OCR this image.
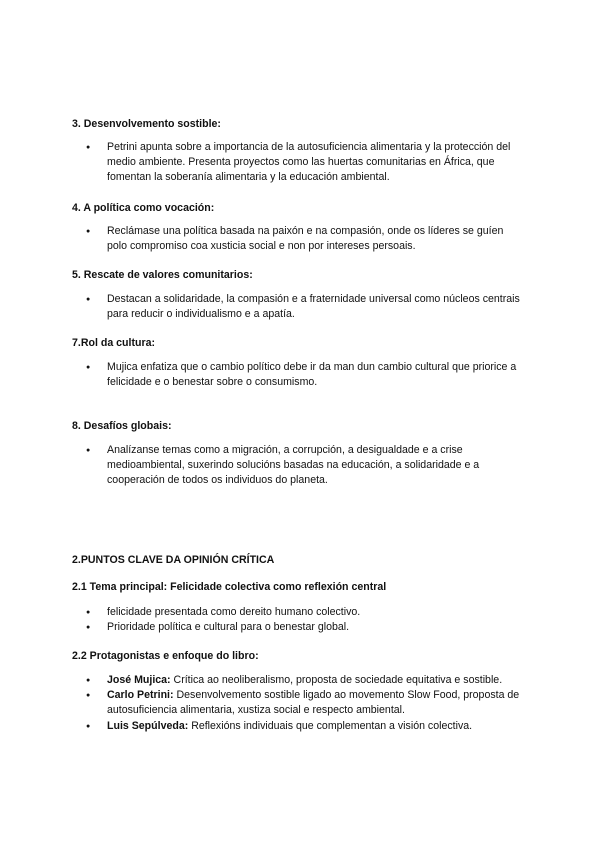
3. Desenvolvemento sostible:
● Petrini apunta sobre a importancia de la autosuficiencia alimentaria y la protección del medio ambiente. Presenta proyectos como las huertas comunitarias en África, que fomentan la soberanía alimentaria y la educación ambiental.
4. A política como vocación:
● Reclámase una política basada na paixón e na compasión, onde os líderes se guíen polo compromiso coa xusticia social e non por intereses persoais.
5. Rescate de valores comunitarios:
● Destacan a solidaridade, la compasión e a fraternidade universal como núcleos centrais para reducir o individualismo e a apatía.
7.Rol da cultura:
● Mujica enfatiza que o cambio político debe ir da man dun cambio cultural que priorice a felicidade e o benestar sobre o consumismo.
8. Desafíos globais:
● Analízanse temas como a migración, a corrupción, a desigualdade e a crise medioambiental, suxerindo solucións basadas na educación, a solidaridade e a cooperación de todos os individuos do planeta.
2.PUNTOS CLAVE DA OPINIÓN CRÍTICA
2.1 Tema principal: Felicidade colectiva como reflexión central
● felicidade presentada como dereito humano colectivo.
● Prioridade política e cultural para o benestar global.
2.2 Protagonistas e enfoque do libro:
● José Mujica: Crítica ao neoliberalismo, proposta de sociedade equitativa e sostible.
● Carlo Petrini: Desenvolvemento sostible ligado ao movemento Slow Food, proposta de autosuficiencia alimentaria, xustiza social e respecto ambiental.
● Luis Sepúlveda: Reflexións individuais que complementan a visión colectiva.
